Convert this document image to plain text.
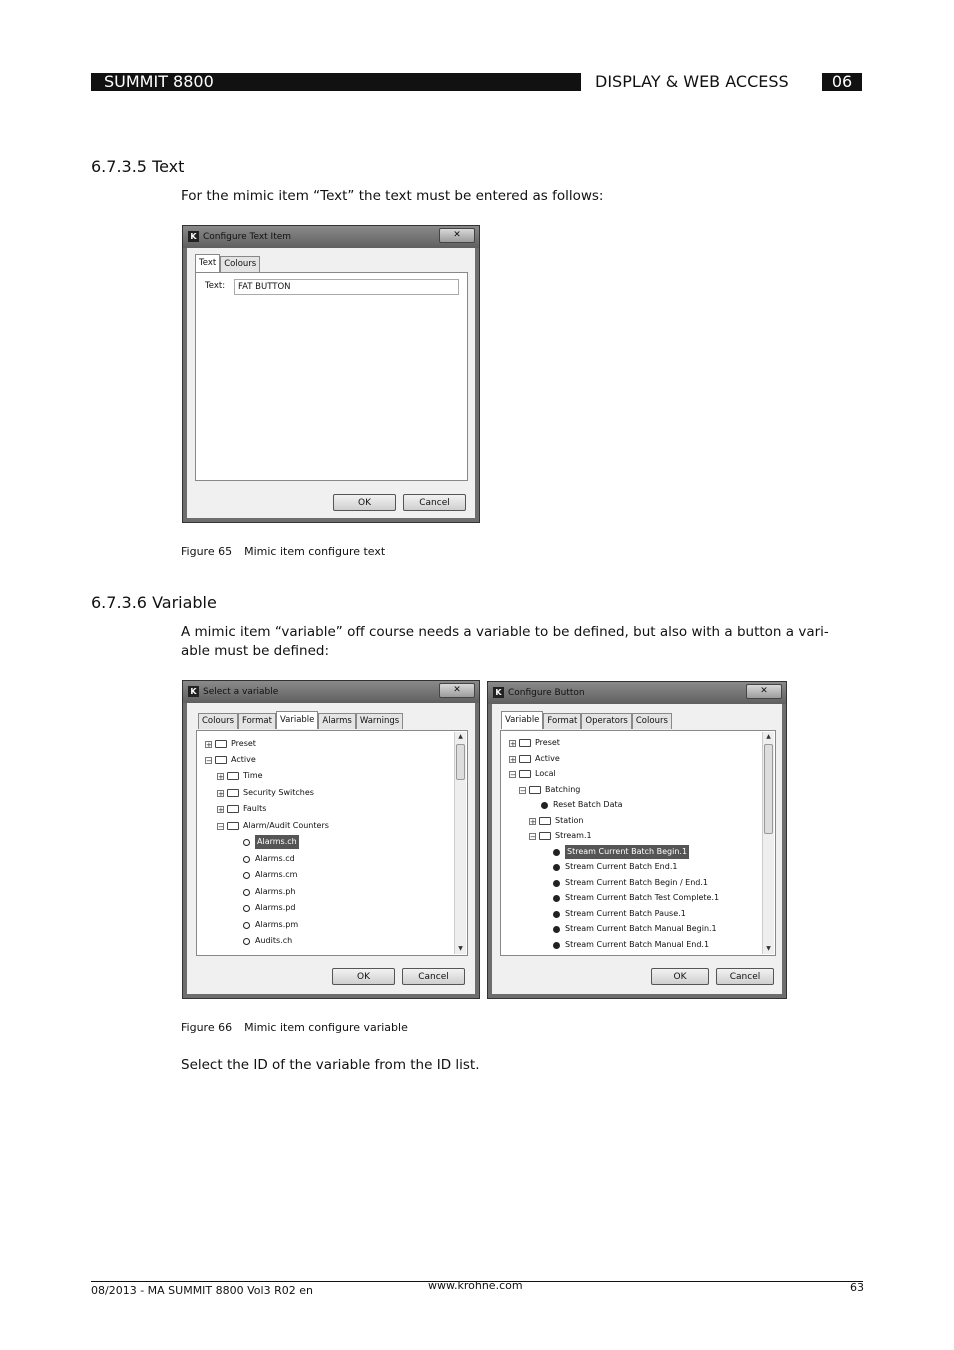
SUMMIT 8800	DISPLAY & WEB ACCESS	06
6.7.3.5 Text
For the mimic item “Text” the text must be entered as follows:
K Configure Text Item	✕
Text Colours
Text:	FAT BUTTON
OK	Cancel
Figure 65 Mimic item configure text
6.7.3.6 Variable
A mimic item “variable” off course needs a variable to be defined, but also with a button a vari-
able must be defined:
K Select a variable	✕
Colours Format Variable Alarms Warnings
+ Preset
− Active
+ Time
+ Security Switches
+ Faults
− Alarm/Audit Counters
Alarms.ch
Alarms.cd
Alarms.cm
Alarms.ph
Alarms.pd
Alarms.pm
Audits.ch
▲
▼
OK	Cancel
K Configure Button	✕
Variable Format Operators Colours
+ Preset
+ Active
− Local
− Batching
Reset Batch Data
+ Station
− Stream.1
Stream Current Batch Begin.1
Stream Current Batch End.1
Stream Current Batch Begin / End.1
Stream Current Batch Test Complete.1
Stream Current Batch Pause.1
Stream Current Batch Manual Begin.1
Stream Current Batch Manual End.1
▲
▼
OK	Cancel
Figure 66 Mimic item configure variable
Select the ID of the variable from the ID list.
08/2013 - MA SUMMIT 8800 Vol3 R02 en	www.krohne.com	63
